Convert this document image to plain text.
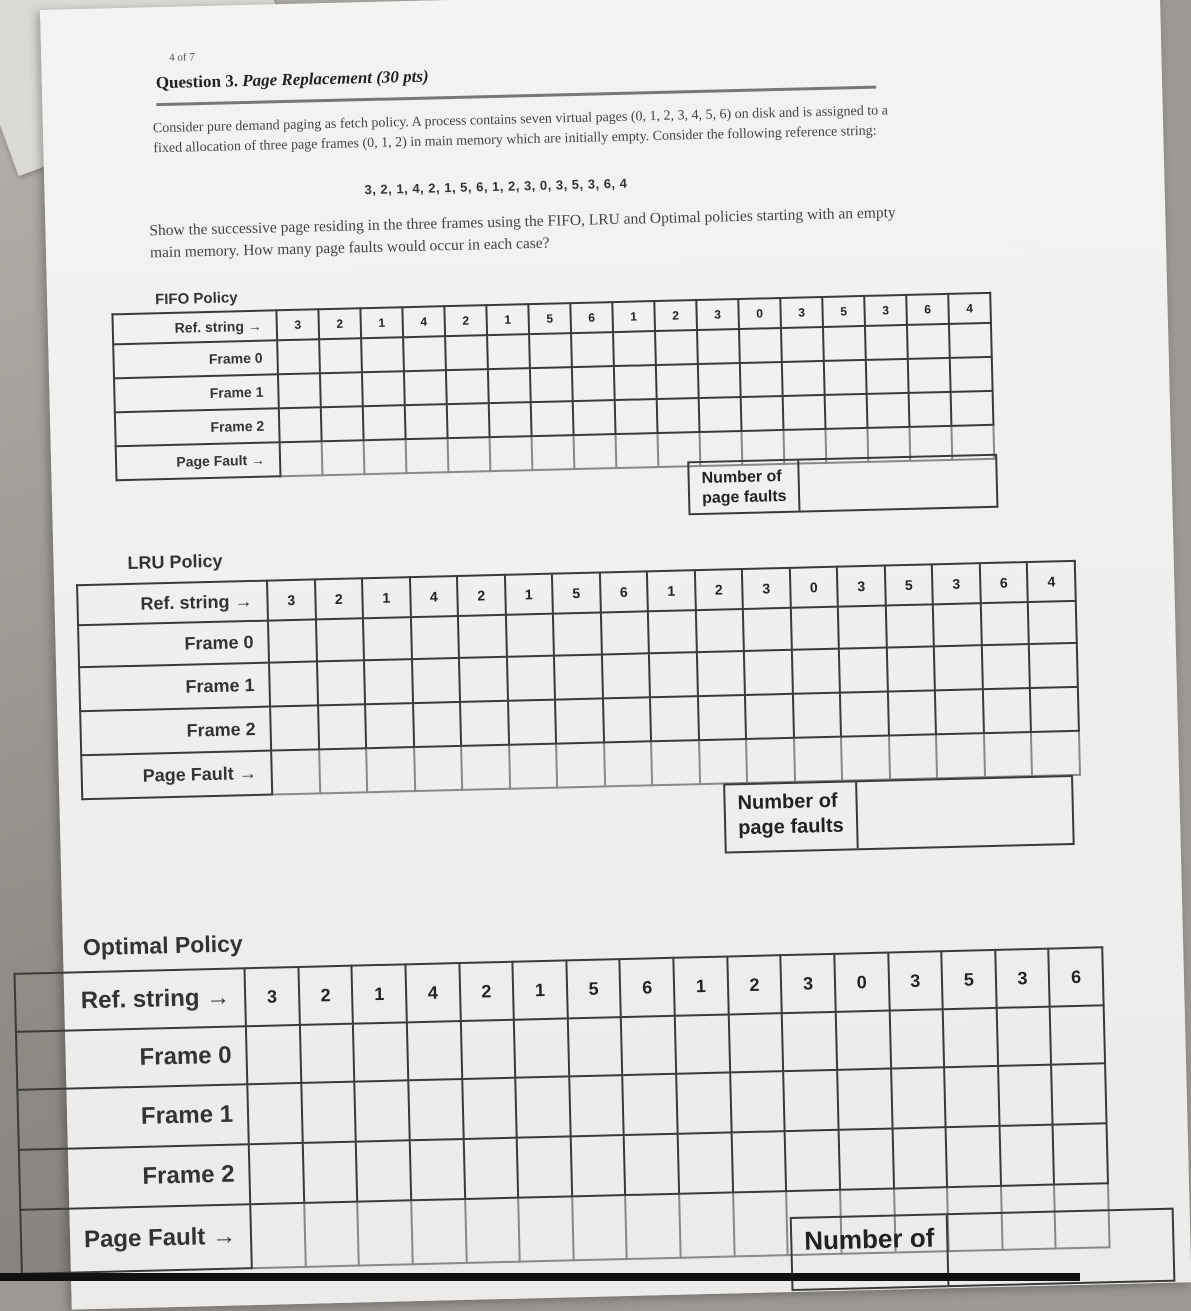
4 of 7
Question 3. Page Replacement (30 pts)
Consider pure demand paging as fetch policy. A process contains seven virtual pages (0, 1, 2, 3, 4, 5, 6) on disk and is assigned to a fixed allocation of three page frames (0, 1, 2) in main memory which are initially empty. Consider the following reference string:
3, 2, 1, 4, 2, 1, 5, 6, 1, 2, 3, 0, 3, 5, 3, 6, 4
Show the successive page residing in the three frames using the FIFO, LRU and Optimal policies starting with an empty main memory. How many page faults would occur in each case?
FIFO Policy
Ref. string →	3	2	1	4	2	1	5	6	1	2	3	0	3	5	3	6	4
Frame 0																	
Frame 1																	
Frame 2																	
Page Fault →																	
Number of
page faults
LRU Policy
Ref. string →	3	2	1	4	2	1	5	6	1	2	3	0	3	5	3	6	4
Frame 0																	
Frame 1																	
Frame 2																	
Page Fault →																	
Number of
page faults
Optimal Policy
Ref. string →	3	2	1	4	2	1	5	6	1	2	3	0	3	5	3	6
Frame 0																
Frame 1																
Frame 2																
Page Fault →																	Number of
